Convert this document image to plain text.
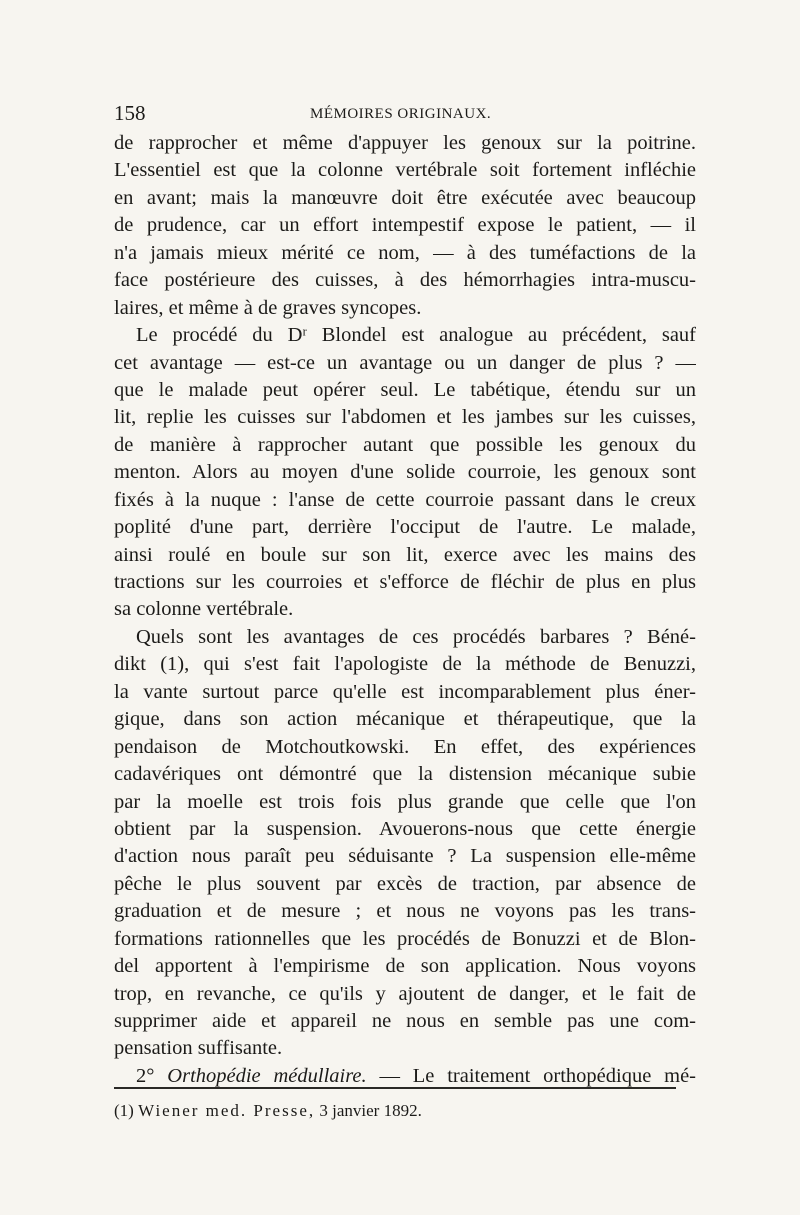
158	MÉMOIRES ORIGINAUX.
de rapprocher et même d'appuyer les genoux sur la poitrine.
L'essentiel est que la colonne vertébrale soit fortement infléchie
en avant; mais la manœuvre doit être exécutée avec beaucoup
de prudence, car un effort intempestif expose le patient, — il
n'a jamais mieux mérité ce nom, — à des tuméfactions de la
face postérieure des cuisses, à des hémorrhagies intra-muscu-
laires, et même à de graves syncopes.
Le procédé du Dʳ Blondel est analogue au précédent, sauf
cet avantage — est-ce un avantage ou un danger de plus ? —
que le malade peut opérer seul. Le tabétique, étendu sur un
lit, replie les cuisses sur l'abdomen et les jambes sur les cuisses,
de manière à rapprocher autant que possible les genoux du
menton. Alors au moyen d'une solide courroie, les genoux sont
fixés à la nuque : l'anse de cette courroie passant dans le creux
poplité d'une part, derrière l'occiput de l'autre. Le malade,
ainsi roulé en boule sur son lit, exerce avec les mains des
tractions sur les courroies et s'efforce de fléchir de plus en plus
sa colonne vertébrale.
Quels sont les avantages de ces procédés barbares ? Béné-
dikt (1), qui s'est fait l'apologiste de la méthode de Benuzzi,
la vante surtout parce qu'elle est incomparablement plus éner-
gique, dans son action mécanique et thérapeutique, que la
pendaison de Motchoutkowski. En effet, des expériences
cadavériques ont démontré que la distension mécanique subie
par la moelle est trois fois plus grande que celle que l'on
obtient par la suspension. Avouerons-nous que cette énergie
d'action nous paraît peu séduisante ? La suspension elle-même
pêche le plus souvent par excès de traction, par absence de
graduation et de mesure ; et nous ne voyons pas les trans-
formations rationnelles que les procédés de Bonuzzi et de Blon-
del apportent à l'empirisme de son application. Nous voyons
trop, en revanche, ce qu'ils y ajoutent de danger, et le fait de
supprimer aide et appareil ne nous en semble pas une com-
pensation suffisante.
2° Orthopédie médullaire. — Le traitement orthopédique mé-
(1) Wiener med. Presse, 3 janvier 1892.
